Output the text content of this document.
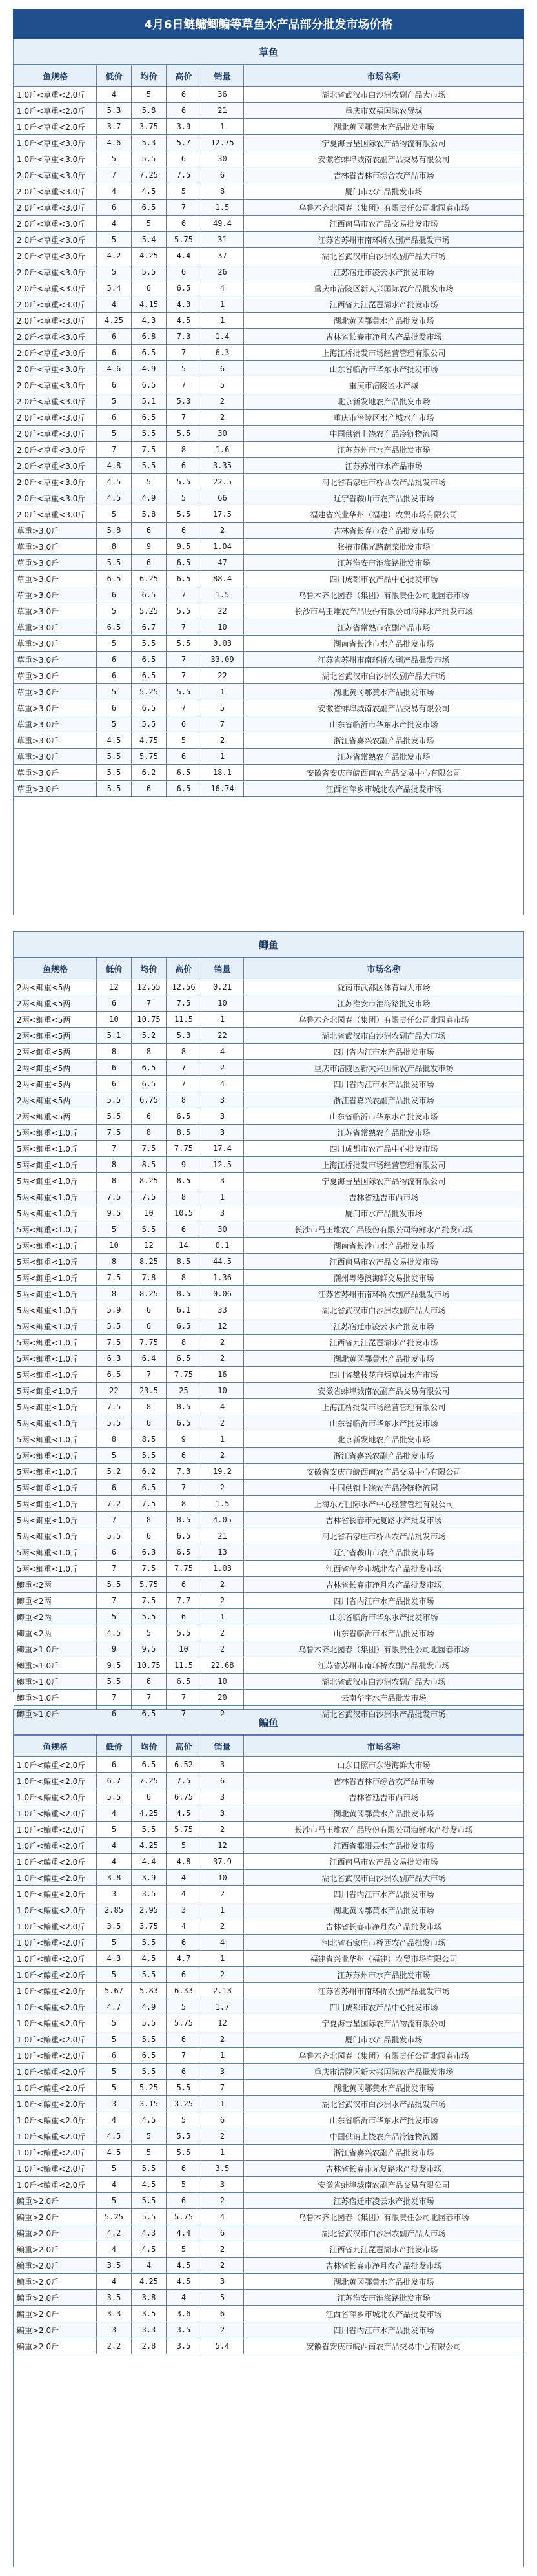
4月6日鲢鳙鲫鳊等草鱼水产品部分批发市场价格
草鱼
鱼规格	低价	均价	高价	销量	市场名称
1.0斤<草重<2.0斤	4	5	6	36	湖北省武汉市白沙洲农副产品大市场
1.0斤<草重<2.0斤	5.3	5.8	6	21	重庆市双福国际农贸城
1.0斤<草重<2.0斤	3.7	3.75	3.9	1	湖北黄冈鄂黄水产品批发市场
1.0斤<草重<3.0斤	4.6	5.3	5.7	12.75	宁夏海吉星国际农产品物流有限公司
1.0斤<草重<3.0斤	5	5.5	6	30	安徽省蚌埠城南农副产品交易有限公司
2.0斤<草重<3.0斤	7	7.25	7.5	6	吉林省吉林市综合农产品市场
2.0斤<草重<3.0斤	4	4.5	5	8	厦门市水产品批发市场
2.0斤<草重<3.0斤	6	6.5	7	1.5	乌鲁木齐北园春（集团）有限责任公司北园春市场
2.0斤<草重<3.0斤	4	5	6	49.4	江西南昌市农产品交易批发市场
2.0斤<草重<3.0斤	5	5.4	5.75	31	江苏省苏州市南环桥农副产品批发市场
2.0斤<草重<3.0斤	4.2	4.25	4.4	37	湖北省武汉市白沙洲农副产品大市场
2.0斤<草重<3.0斤	5	5.5	6	26	江苏宿迁市凌云水产批发市场
2.0斤<草重<3.0斤	5.4	6	6.5	4	重庆市涪陵区新大兴国际农产品批发市场
2.0斤<草重<3.0斤	4	4.15	4.3	1	江西省九江琵琶湖水产批发市场
2.0斤<草重<3.0斤	4.25	4.3	4.5	1	湖北黄冈鄂黄水产品批发市场
2.0斤<草重<3.0斤	6	6.8	7.3	1.4	吉林省长春市净月农产品批发市场
2.0斤<草重<3.0斤	6	6.5	7	6.3	上海江桥批发市场经营管理有限公司
2.0斤<草重<3.0斤	4.6	4.9	5	6	山东省临沂市华东水产批发市场
2.0斤<草重<3.0斤	6	6.5	7	5	重庆市涪陵区水产城
2.0斤<草重<3.0斤	5	5.1	5.3	2	北京新发地农产品批发市场
2.0斤<草重<3.0斤	6	6.5	7	2	重庆市涪陵区水产城水产市场
2.0斤<草重<3.0斤	5	5.5	5.5	30	中国供销上饶农产品冷链物流园
2.0斤<草重<3.0斤	7	7.5	8	1.6	江苏苏州市水产品批发市场
2.0斤<草重<3.0斤	4.8	5.5	6	3.35	江苏苏州市水产品市场
2.0斤<草重<3.0斤	4.5	5	5.5	22.5	河北省石家庄市桥西农产品批发市场
2.0斤<草重<3.0斤	4.5	4.9	5	66	辽宁省鞍山市农产品批发市场
2.0斤<草重<3.0斤	5	5.8	5.5	17.5	福建省兴业华州（福建）农贸市场有限公司
草重>3.0斤	5.8	6	6	2	吉林省长春市农产品批发市场
草重>3.0斤	8	9	9.5	1.04	张掖市佛光路蔬菜批发市场
草重>3.0斤	5.5	6	6.5	47	江苏淮安市淮海路批发市场
草重>3.0斤	6.5	6.25	6.5	88.4	四川成都市农产品中心批发市场
草重>3.0斤	6	6.5	7	1.5	乌鲁木齐北园春（集团）有限责任公司北园春市场
草重>3.0斤	5	5.25	5.5	22	长沙市马王堆农产品股份有限公司海鲜水产批发市场
草重>3.0斤	6.5	6.7	7	10	江苏省常熟市农副产品市场
草重>3.0斤	5	5.5	5.5	0.03	湖南省长沙市水产品批发市场
草重>3.0斤	6	6.5	7	33.09	江苏省苏州市南环桥农副产品批发市场
草重>3.0斤	6	6.5	7	22	湖北省武汉市白沙洲农副产品大市场
草重>3.0斤	5	5.25	5.5	1	湖北黄冈鄂黄水产品批发市场
草重>3.0斤	6	6.5	7	5	安徽省蚌埠城南农副产品交易有限公司
草重>3.0斤	5	5.5	6	7	山东省临沂市华东水产批发市场
草重>3.0斤	4.5	4.75	5	2	浙江省嘉兴农副产品批发市场
草重>3.0斤	5.5	5.75	6	1	江苏省常熟农产品批发市场
草重>3.0斤	5.5	6.2	6.5	18.1	安徽省安庆市皖西南农产品交易中心有限公司
草重>3.0斤	5.5	6	6.5	16.74	江西省萍乡市城北农产品批发市场
鲫鱼
鱼规格	低价	均价	高价	销量	市场名称
2两<鲫重<5两	12	12.55	12.56	0.21	陇南市武都区体育局大市场
2两<鲫重<5两	6	7	7.5	10	江苏淮安市淮海路批发市场
2两<鲫重<5两	10	10.75	11.5	1	乌鲁木齐北园春（集团）有限责任公司北园春市场
2两<鲫重<5两	5.1	5.2	5.3	22	湖北省武汉市白沙洲农副产品大市场
2两<鲫重<5两	8	8	8	4	四川省内江市水产品批发市场
2两<鲫重<5两	6	6.5	7	2	重庆市涪陵区新大兴国际农产品批发市场
2两<鲫重<5两	6	6.5	7	4	四川省内江市水产品批发市场
2两<鲫重<5两	5.5	6.75	8	3	浙江省嘉兴农副产品批发市场
2两<鲫重<5两	5.5	6	6.5	3	山东省临沂市华东水产批发市场
5两<鲫重<1.0斤	7.5	8	8.5	3	江苏省常熟农产品批发市场
5两<鲫重<1.0斤	7	7.5	7.75	17.4	四川成都市农产品中心批发市场
5两<鲫重<1.0斤	8	8.5	9	12.5	上海江桥批发市场经营管理有限公司
5两<鲫重<1.0斤	8	8.25	8.5	3	宁夏海吉星国际农产品物流有限公司
5两<鲫重<1.0斤	7.5	7.5	8	1	吉林省延吉市西市场
5两<鲫重<1.0斤	9.5	10	10.5	3	厦门市水产品批发市场
5两<鲫重<1.0斤	5	5.5	6	30	长沙市马王堆农产品股份有限公司海鲜水产批发市场
5两<鲫重<1.0斤	10	12	14	0.1	湖南省长沙市水产品批发市场
5两<鲫重<1.0斤	8	8.25	8.5	44.5	江西南昌市农产品交易批发市场
5两<鲫重<1.0斤	7.5	7.8	8	1.36	潮州粤港澳海鲜交易批发市场
5两<鲫重<1.0斤	8	8.25	8.5	0.06	江苏省苏州市南环桥农副产品批发市场
5两<鲫重<1.0斤	5.9	6	6.1	33	湖北省武汉市白沙洲农副产品大市场
5两<鲫重<1.0斤	5.5	6	6.5	12	江苏宿迁市凌云水产批发市场
5两<鲫重<1.0斤	7.5	7.75	8	2	江西省九江琵琶湖水产批发市场
5两<鲫重<1.0斤	6.3	6.4	6.5	2	湖北黄冈鄂黄水产品批发市场
5两<鲫重<1.0斤	6.5	7	7.75	16	四川省攀枝花市炳草岗水产市场
5两<鲫重<1.0斤	22	23.5	25	10	安徽省蚌埠城南农副产品交易有限公司
5两<鲫重<1.0斤	7.5	8	8.5	4	上海江桥批发市场经营管理有限公司
5两<鲫重<1.0斤	5.5	6	6.5	2	山东省临沂市华东水产批发市场
5两<鲫重<1.0斤	8	8.5	9	1	北京新发地农产品批发市场
5两<鲫重<1.0斤	5	5.5	6	2	浙江省嘉兴农副产品批发市场
5两<鲫重<1.0斤	5.2	6.2	7.3	19.2	安徽省安庆市皖西南农产品交易中心有限公司
5两<鲫重<1.0斤	6	6.5	7	2	中国供销上饶农产品冷链物流园
5两<鲫重<1.0斤	7.2	7.5	8	1.5	上海东方国际水产中心经营管理有限公司
5两<鲫重<1.0斤	7	8	8.5	4.05	吉林省长春市光复路水产批发市场
5两<鲫重<1.0斤	5.5	6	6.5	21	河北省石家庄市桥西农产品批发市场
5两<鲫重<1.0斤	6	6.3	6.5	13	辽宁省鞍山市农产品批发市场
5两<鲫重<1.0斤	7	7.5	7.75	1.03	江西省萍乡市城北农产品批发市场
鲫重<2两	5.5	5.75	6	2	吉林省长春市净月农产品批发市场
鲫重<2两	7	7.5	7.7	2	四川省内江市水产品批发市场
鲫重<2两	5	5.5	6	1	山东省临沂市华东水产批发市场
鲫重<2两	4.5	5	5.5	2	山东省临沂市水产品批发市场
鲫重>1.0斤	9	9.5	10	2	乌鲁木齐北园春（集团）有限责任公司北园春市场
鲫重>1.0斤	9.5	10.75	11.5	22.68	江苏省苏州市南环桥农副产品批发市场
鲫重>1.0斤	5.5	6	6.5	10	湖北省武汉市白沙洲农副产品大市场
鲫重>1.0斤	7	7	7	20	云南华宇水产品批发市场
鲫重>1.0斤	6	6.5	7	2	湖北省武汉市白沙洲水产品批发市场
鳊鱼
鱼规格	低价	均价	高价	销量	市场名称
1.0斤<鳊重<2.0斤	6	6.5	6.52	3	山东日照市东港海鲜大市场
1.0斤<鳊重<2.0斤	6.7	7.25	7.5	6	吉林省吉林市综合农产品市场
1.0斤<鳊重<2.0斤	5.5	6	6.75	3	吉林省延吉市西市场
1.0斤<鳊重<2.0斤	4	4.25	4.5	3	湖北黄冈鄂黄水产品批发市场
1.0斤<鳊重<2.0斤	5	5.5	5.75	2	长沙市马王堆农产品股份有限公司海鲜水产批发市场
1.0斤<鳊重<2.0斤	4	4.25	5	12	江西省鄱阳县水产品批发市场
1.0斤<鳊重<2.0斤	4	4.4	4.8	37.9	江西南昌市农产品交易批发市场
1.0斤<鳊重<2.0斤	3.8	3.9	4	10	湖北省武汉市白沙洲农副产品大市场
1.0斤<鳊重<2.0斤	3	3.5	4	2	四川省内江市水产品批发市场
1.0斤<鳊重<2.0斤	2.85	2.95	3	1	湖北黄冈鄂黄水产品批发市场
1.0斤<鳊重<2.0斤	3.5	3.75	4	2	吉林省长春市净月农产品批发市场
1.0斤<鳊重<2.0斤	5	5.5	6	4	河北省石家庄市桥西农产品批发市场
1.0斤<鳊重<2.0斤	4.3	4.5	4.7	1	福建省兴业华州（福建）农贸市场有限公司
1.0斤<鳊重<2.0斤	5	5.5	6	2	江苏苏州市水产品批发市场
1.0斤<鳊重<2.0斤	5.67	5.83	6.33	2.13	江苏省苏州市南环桥农副产品批发市场
1.0斤<鳊重<2.0斤	4.7	4.9	5	1.7	四川成都市农产品中心批发市场
1.0斤<鳊重<2.0斤	5	5.5	5.75	12	宁夏海吉星国际农产品物流有限公司
1.0斤<鳊重<2.0斤	5	5.5	6	2	厦门市水产品批发市场
1.0斤<鳊重<2.0斤	6	6.5	7	1	乌鲁木齐北园春（集团）有限责任公司北园春市场
1.0斤<鳊重<2.0斤	5	5.5	6	3	重庆市涪陵区新大兴国际农产品批发市场
1.0斤<鳊重<2.0斤	5	5.25	5.5	7	湖北黄冈鄂黄水产品批发市场
1.0斤<鳊重<2.0斤	3	3.15	3.25	1	湖北省武汉市白沙洲水产品批发市场
1.0斤<鳊重<2.0斤	4	4.5	5	6	山东省临沂市华东水产批发市场
1.0斤<鳊重<2.0斤	4.5	5	5.5	2	中国供销上饶农产品冷链物流园
1.0斤<鳊重<2.0斤	4.5	5	5.5	1	浙江省嘉兴农副产品批发市场
1.0斤<鳊重<2.0斤	5	5.5	6	3.5	吉林省长春市光复路水产批发市场
1.0斤<鳊重<2.0斤	4	4.5	5	3	安徽省蚌埠城南农副产品交易有限公司
鳊重>2.0斤	5	5.5	6	2	江苏宿迁市凌云水产批发市场
鳊重>2.0斤	5.25	5.5	5.75	4	乌鲁木齐北园春（集团）有限责任公司北园春市场
鳊重>2.0斤	4.2	4.3	4.4	6	湖北省武汉市白沙洲农副产品大市场
鳊重>2.0斤	4	4.5	5	2	江西省九江琵琶湖水产批发市场
鳊重>2.0斤	3.5	4	4.5	2	吉林省长春市净月农产品批发市场
鳊重>2.0斤	4	4.25	4.5	3	湖北黄冈鄂黄水产品批发市场
鳊重>2.0斤	3.5	3.8	4	5	江苏淮安市淮海路批发市场
鳊重>2.0斤	3.3	3.5	3.6	6	江西省萍乡市城北农产品批发市场
鳊重>2.0斤	3	3.3	3.5	2	四川省内江市水产品批发市场
鳊重>2.0斤	2.2	2.8	3.5	5.4	安徽省安庆市皖西南农产品交易中心有限公司
